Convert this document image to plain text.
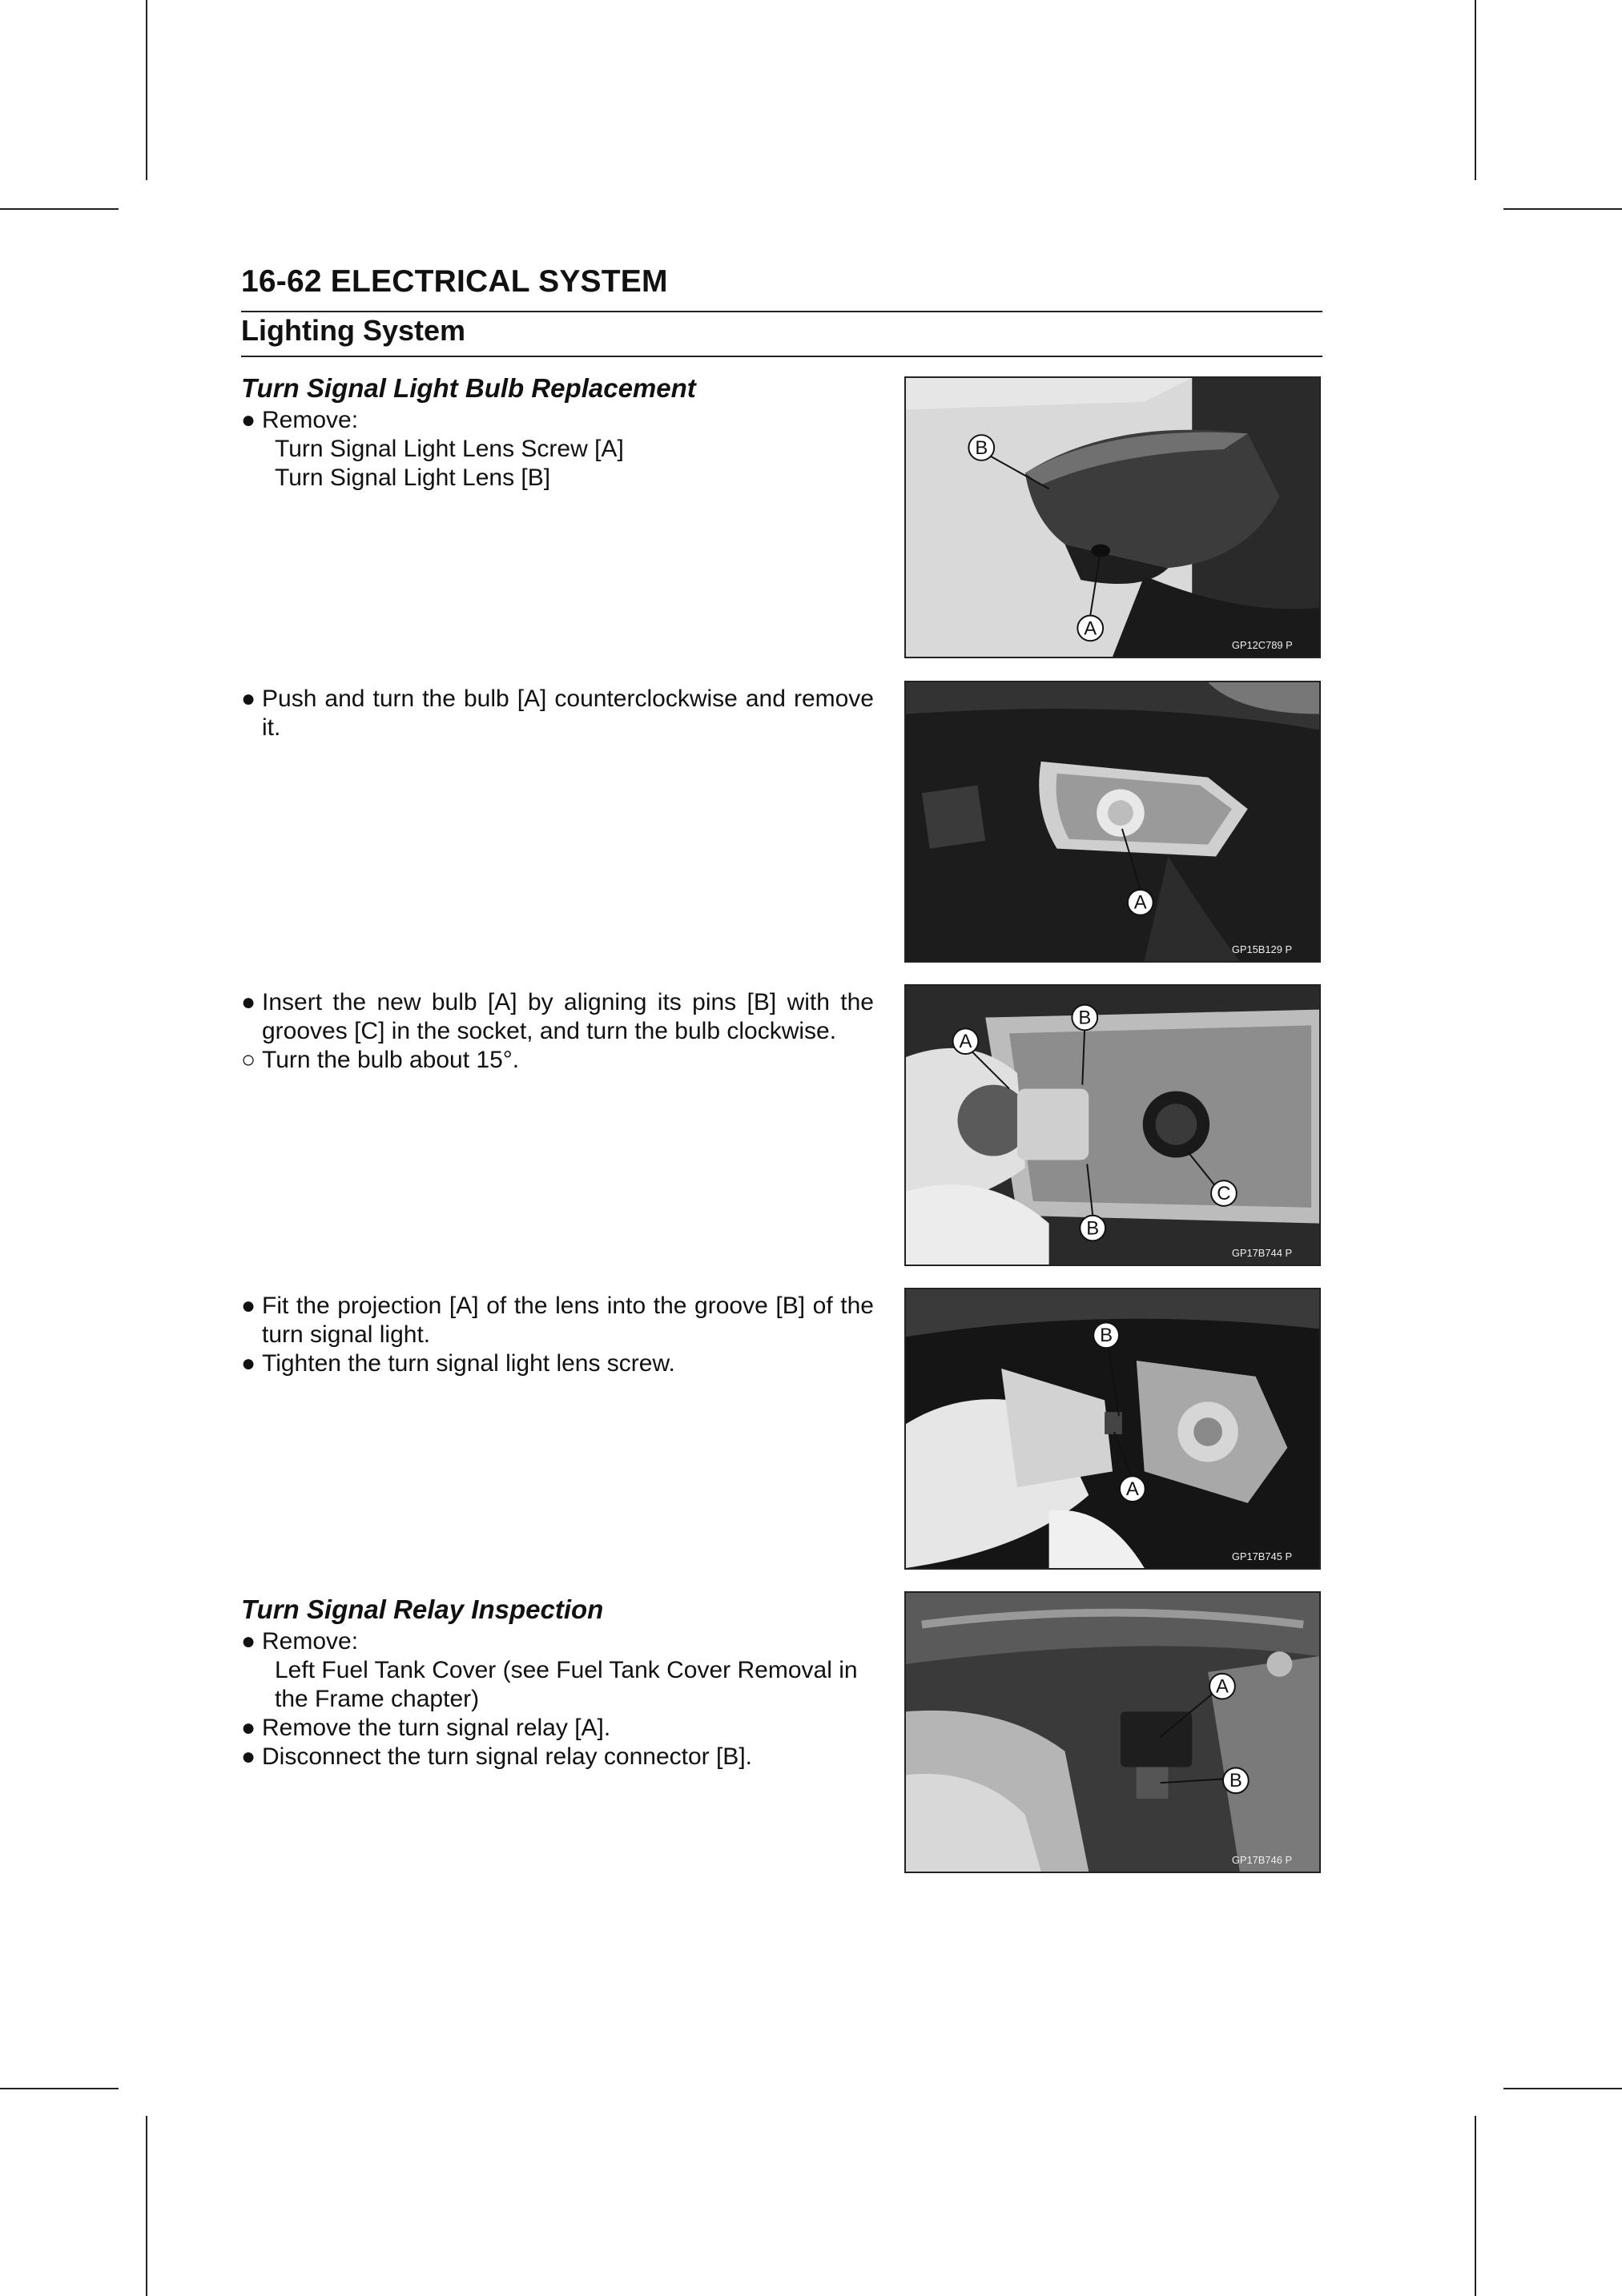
16-62 ELECTRICAL SYSTEM
Lighting System
Turn Signal Light Bulb Replacement
● Remove:
Turn Signal Light Lens Screw [A]
Turn Signal Light Lens [B]
● Push and turn the bulb [A] counterclockwise and remove it.
● Insert the new bulb [A] by aligning its pins [B] with the grooves [C] in the socket, and turn the bulb clockwise.
○ Turn the bulb about 15°.
● Fit the projection [A] of the lens into the groove [B] of the turn signal light.
● Tighten the turn signal light lens screw.
Turn Signal Relay Inspection
● Remove:
Left Fuel Tank Cover (see Fuel Tank Cover Removal in the Frame chapter)
● Remove the turn signal relay [A].
● Disconnect the turn signal relay connector [B].
B
A
GP12C789 P
A
GP15B129 P
A
B
C
B
GP17B744 P
B
A
GP17B745 P
A
B
GP17B746 P
